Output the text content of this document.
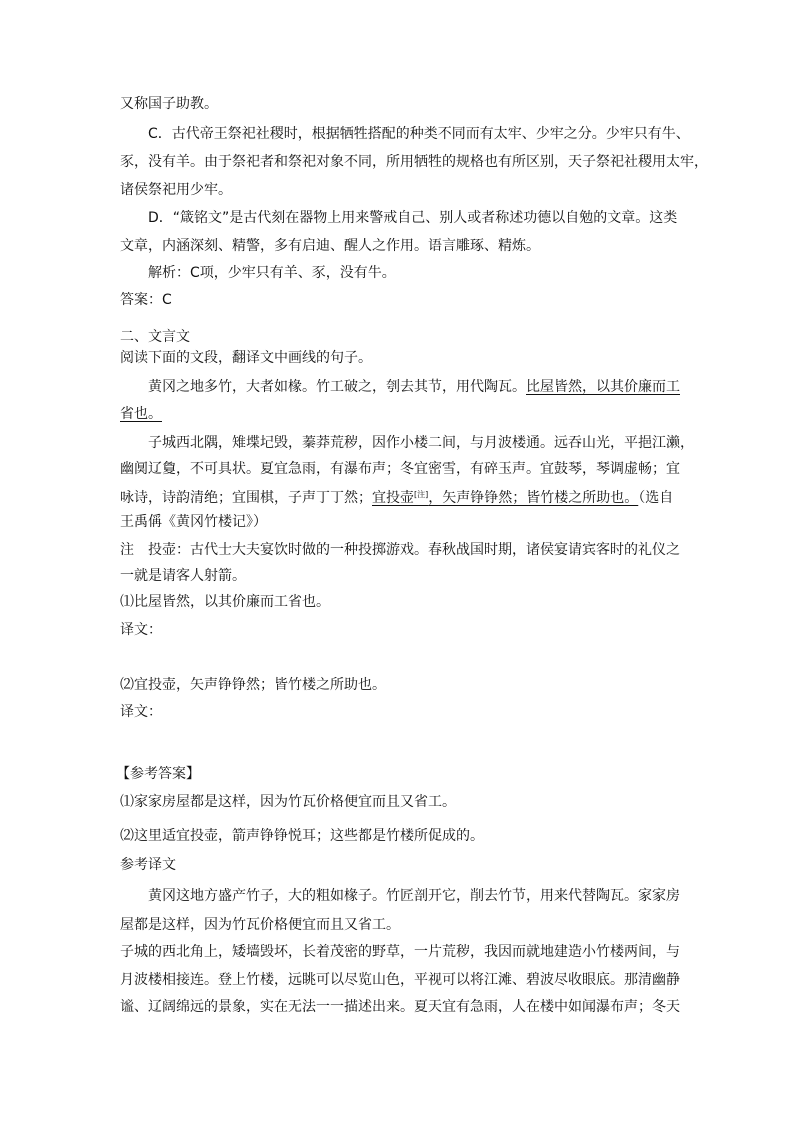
又称国子助教。
C．古代帝王祭祀社稷时，根据牺牲搭配的种类不同而有太牢、少牢之分。少牢只有牛、
豕，没有羊。由于祭祀者和祭祀对象不同，所用牺牲的规格也有所区别，天子祭祀社稷用太牢，
诸侯祭祀用少牢。
D．“箴铭文”是古代刻在器物上用来警戒自己、别人或者称述功德以自勉的文章。这类
文章，内涵深刻、精警，多有启迪、醒人之作用。语言雕琢、精炼。
解析：C项，少牢只有羊、豕，没有牛。
答案：C
二、文言文
阅读下面的文段，翻译文中画线的句子。
黄冈之地多竹，大者如椽。竹工破之，刳去其节，用代陶瓦。比屋皆然，以其价廉而工
省也。
子城西北隅，雉堞圮毁，蓁莽荒秽，因作小楼二间，与月波楼通。远吞山光，平挹江濑，
幽阒辽敻，不可具状。夏宜急雨，有瀑布声；冬宜密雪，有碎玉声。宜鼓琴，琴调虚畅；宜
咏诗，诗韵清绝；宜围棋，子声丁丁然；宜投壶[注]，矢声铮铮然；皆竹楼之所助也。（选自
王禹偁《黄冈竹楼记》）
注　投壶：古代士大夫宴饮时做的一种投掷游戏。春秋战国时期，诸侯宴请宾客时的礼仪之
一就是请客人射箭。
⑴比屋皆然，以其价廉而工省也。
译文：
⑵宜投壶，矢声铮铮然；皆竹楼之所助也。
译文：
【参考答案】
⑴家家房屋都是这样，因为竹瓦价格便宜而且又省工。
⑵这里适宜投壶，箭声铮铮悦耳；这些都是竹楼所促成的。
参考译文
黄冈这地方盛产竹子，大的粗如椽子。竹匠剖开它，削去竹节，用来代替陶瓦。家家房
屋都是这样，因为竹瓦价格便宜而且又省工。
子城的西北角上，矮墙毁坏，长着茂密的野草，一片荒秽，我因而就地建造小竹楼两间，与
月波楼相接连。登上竹楼，远眺可以尽览山色，平视可以将江滩、碧波尽收眼底。那清幽静
谧、辽阔绵远的景象，实在无法一一描述出来。夏天宜有急雨，人在楼中如闻瀑布声；冬天
